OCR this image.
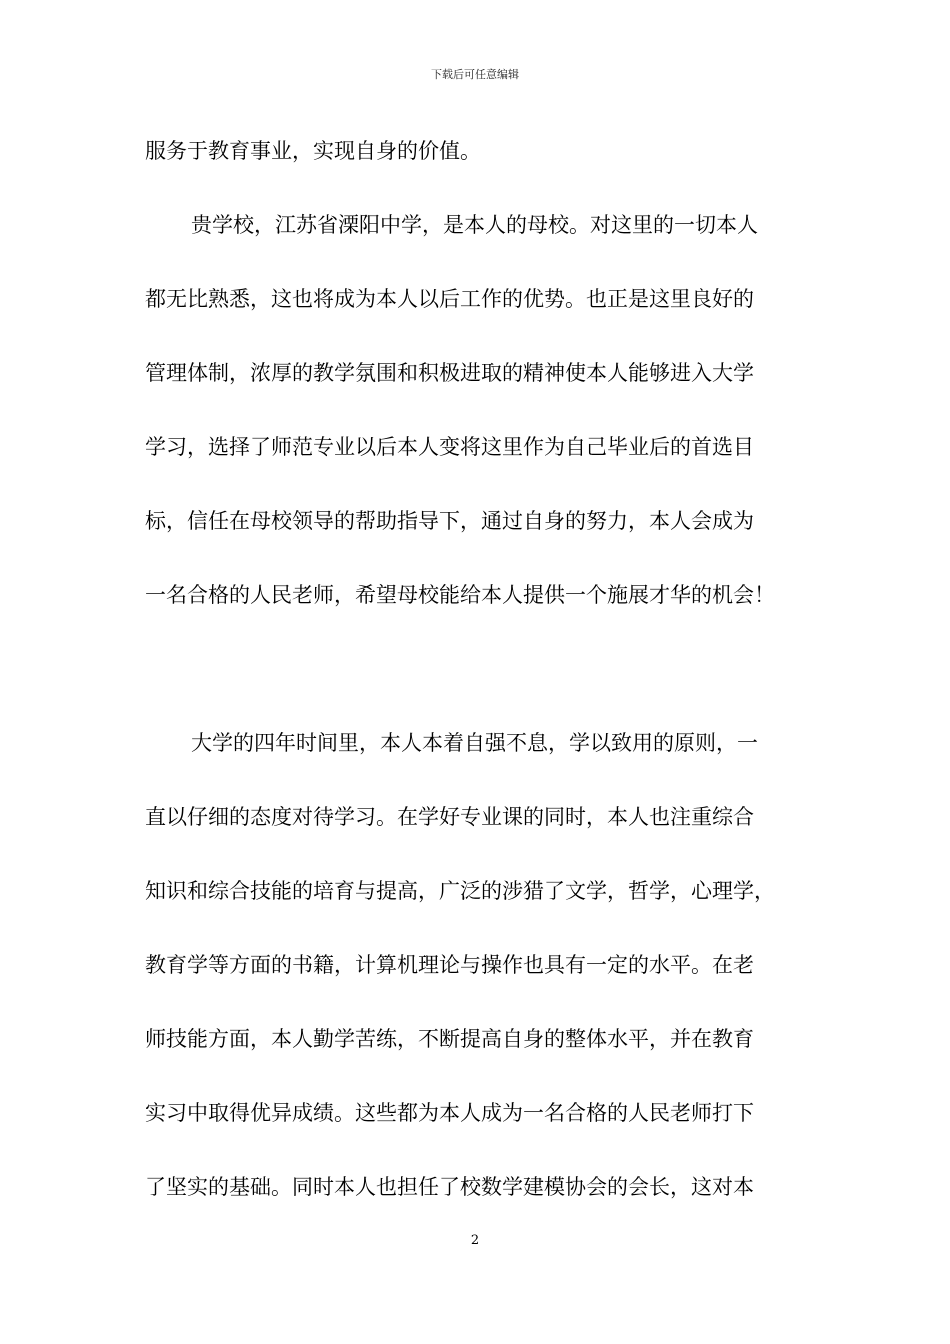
下载后可任意编辑
服务于教育事业，实现自身的价值。
贵学校，江苏省溧阳中学，是本人的母校。对这里的一切本人
都无比熟悉，这也将成为本人以后工作的优势。也正是这里良好的
管理体制，浓厚的教学氛围和积极进取的精神使本人能够进入大学
学习，选择了师范专业以后本人变将这里作为自己毕业后的首选目
标，信任在母校领导的帮助指导下，通过自身的努力，本人会成为
一名合格的人民老师，希望母校能给本人提供一个施展才华的机会！
大学的四年时间里，本人本着自强不息，学以致用的原则，一
直以仔细的态度对待学习。在学好专业课的同时，本人也注重综合
知识和综合技能的培育与提高，广泛的涉猎了文学，哲学，心理学，
教育学等方面的书籍，计算机理论与操作也具有一定的水平。在老
师技能方面，本人勤学苦练，不断提高自身的整体水平，并在教育
实习中取得优异成绩。这些都为本人成为一名合格的人民老师打下
了坚实的基础。同时本人也担任了校数学建模协会的会长，这对本
2
